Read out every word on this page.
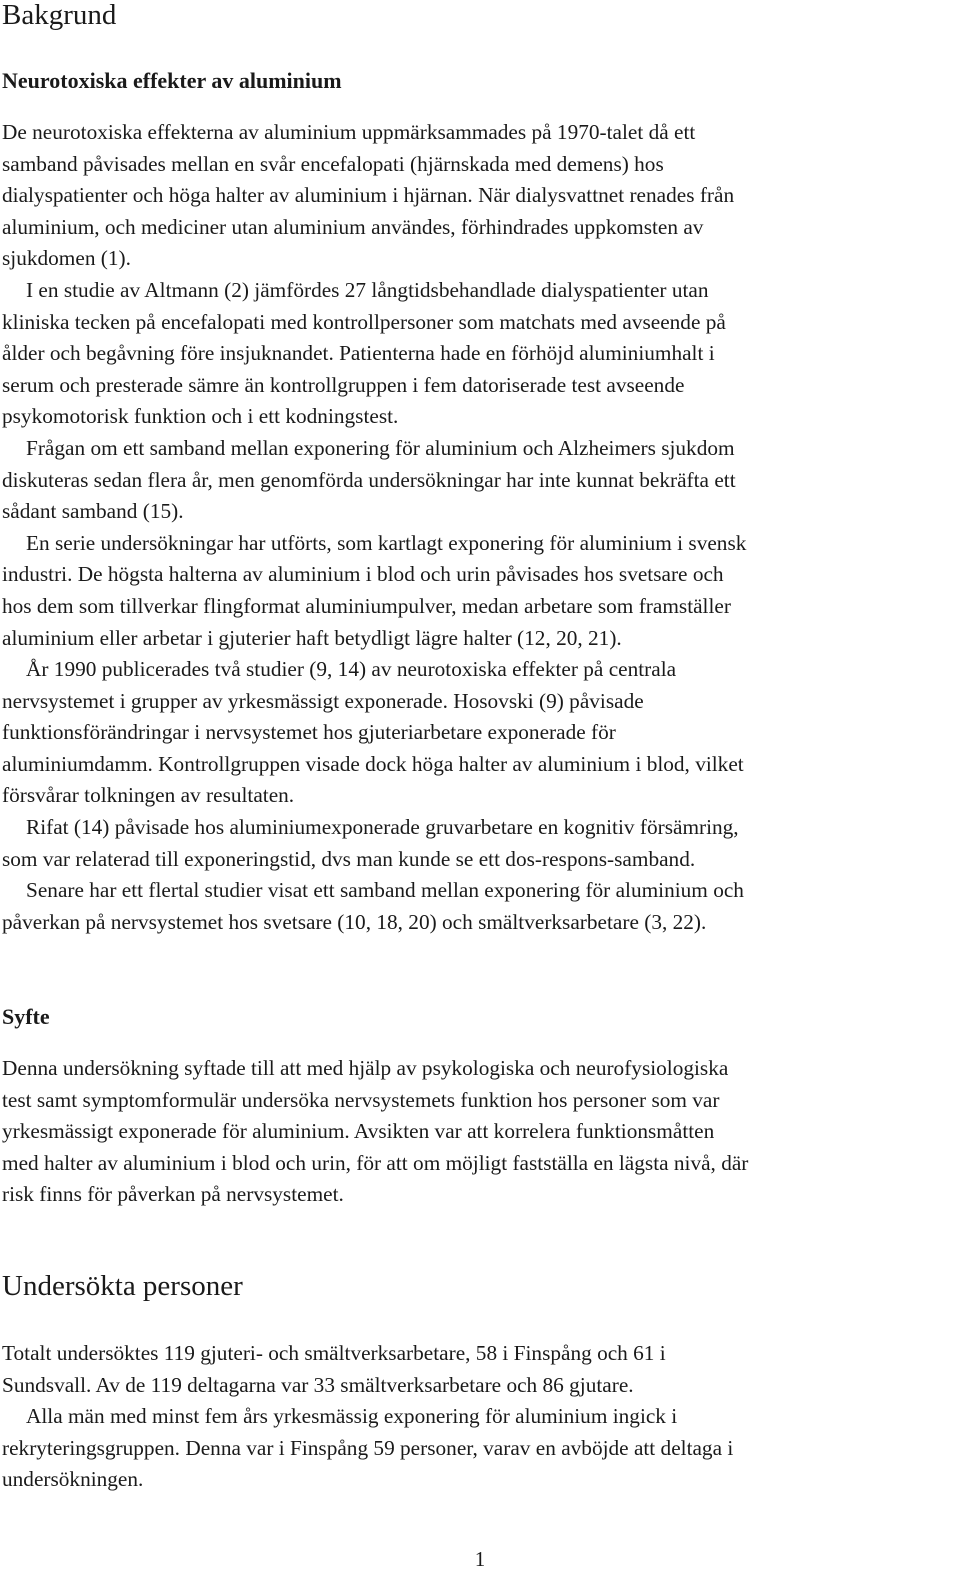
Bakgrund
Neurotoxiska effekter av aluminium
De neurotoxiska effekterna av aluminium uppmärksammades på 1970-talet då ett
samband påvisades mellan en svår encefalopati (hjärnskada med demens) hos
dialyspatienter och höga halter av aluminium i hjärnan. När dialysvattnet renades från
aluminium, och mediciner utan aluminium användes, förhindrades uppkomsten av
sjukdomen (1).
I en studie av Altmann (2) jämfördes 27 långtidsbehandlade dialyspatienter utan
kliniska tecken på encefalopati med kontrollpersoner som matchats med avseende på
ålder och begåvning före insjuknandet. Patienterna hade en förhöjd aluminiumhalt i
serum och presterade sämre än kontrollgruppen i fem datoriserade test avseende
psykomotorisk funktion och i ett kodningstest.
Frågan om ett samband mellan exponering för aluminium och Alzheimers sjukdom
diskuteras sedan flera år, men genomförda undersökningar har inte kunnat bekräfta ett
sådant samband (15).
En serie undersökningar har utförts, som kartlagt exponering för aluminium i svensk
industri. De högsta halterna av aluminium i blod och urin påvisades hos svetsare och
hos dem som tillverkar flingformat aluminiumpulver, medan arbetare som framställer
aluminium eller arbetar i gjuterier haft betydligt lägre halter (12, 20, 21).
År 1990 publicerades två studier (9, 14) av neurotoxiska effekter på centrala
nervsystemet i grupper av yrkesmässigt exponerade. Hosovski (9) påvisade
funktionsförändringar i nervsystemet hos gjuteriarbetare exponerade för
aluminiumdamm. Kontrollgruppen visade dock höga halter av aluminium i blod, vilket
försvårar tolkningen av resultaten.
Rifat (14) påvisade hos aluminiumexponerade gruvarbetare en kognitiv försämring,
som var relaterad till exponeringstid, dvs man kunde se ett dos-respons-samband.
Senare har ett flertal studier visat ett samband mellan exponering för aluminium och
påverkan på nervsystemet hos svetsare (10, 18, 20) och smältverksarbetare (3, 22).
Syfte
Denna undersökning syftade till att med hjälp av psykologiska och neurofysiologiska
test samt symptomformulär undersöka nervsystemets funktion hos personer som var
yrkesmässigt exponerade för aluminium. Avsikten var att korrelera funktionsmåtten
med halter av aluminium i blod och urin, för att om möjligt fastställa en lägsta nivå, där
risk finns för påverkan på nervsystemet.
Undersökta personer
Totalt undersöktes 119 gjuteri- och smältverksarbetare, 58 i Finspång och 61 i
Sundsvall. Av de 119 deltagarna var 33 smältverksarbetare och 86 gjutare.
Alla män med minst fem års yrkesmässig exponering för aluminium ingick i
rekryteringsgruppen. Denna var i Finspång 59 personer, varav en avböjde att deltaga i
undersökningen.
1
